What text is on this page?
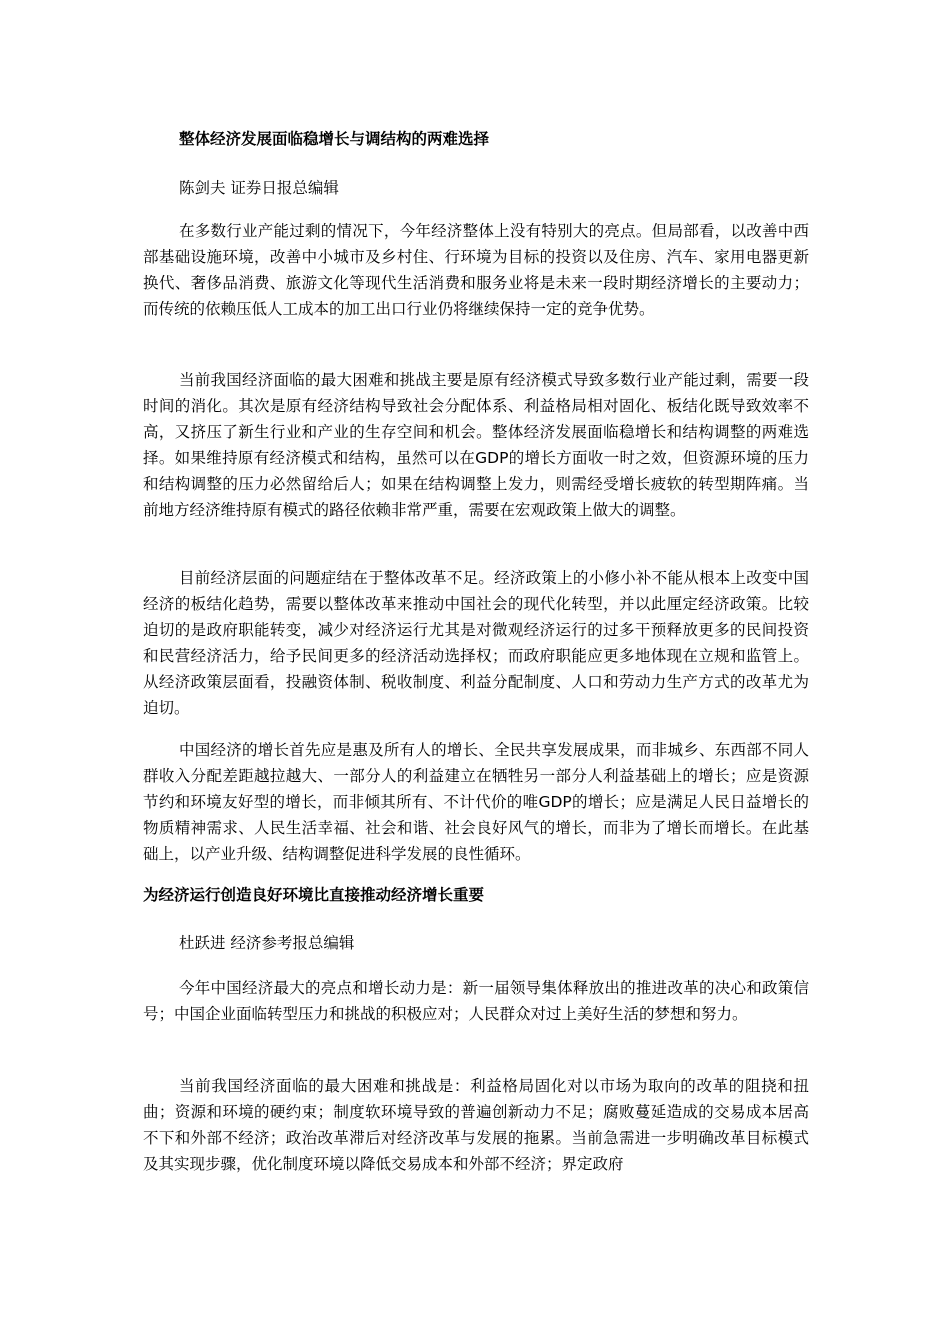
整体经济发展面临稳增长与调结构的两难选择
陈剑夫 证券日报总编辑

在多数行业产能过剩的情况下，今年经济整体上没有特别大的亮点。但局部看，以改善中西部基础设施环境，改善中小城市及乡村住、行环境为目标的投资以及住房、汽车、家用电器更新换代、奢侈品消费、旅游文化等现代生活消费和服务业将是未来一段时期经济增长的主要动力；而传统的依赖压低人工成本的加工出口行业仍将继续保持一定的竞争优势。

当前我国经济面临的最大困难和挑战主要是原有经济模式导致多数行业产能过剩，需要一段时间的消化。其次是原有经济结构导致社会分配体系、利益格局相对固化、板结化既导致效率不高，又挤压了新生行业和产业的生存空间和机会。整体经济发展面临稳增长和结构调整的两难选择。如果维持原有经济模式和结构，虽然可以在GDP的增长方面收一时之效，但资源环境的压力和结构调整的压力必然留给后人；如果在结构调整上发力，则需经受增长疲软的转型期阵痛。当前地方经济维持原有模式的路径依赖非常严重，需要在宏观政策上做大的调整。

目前经济层面的问题症结在于整体改革不足。经济政策上的小修小补不能从根本上改变中国经济的板结化趋势，需要以整体改革来推动中国社会的现代化转型，并以此厘定经济政策。比较迫切的是政府职能转变，减少对经济运行尤其是对微观经济运行的过多干预释放更多的民间投资和民营经济活力，给予民间更多的经济活动选择权；而政府职能应更多地体现在立规和监管上。从经济政策层面看，投融资体制、税收制度、利益分配制度、人口和劳动力生产方式的改革尤为迫切。

中国经济的增长首先应是惠及所有人的增长、全民共享发展成果，而非城乡、东西部不同人群收入分配差距越拉越大、一部分人的利益建立在牺牲另一部分人利益基础上的增长；应是资源节约和环境友好型的增长，而非倾其所有、不计代价的唯GDP的增长；应是满足人民日益增长的物质精神需求、人民生活幸福、社会和谐、社会良好风气的增长，而非为了增长而增长。在此基础上，以产业升级、结构调整促进科学发展的良性循环。

为经济运行创造良好环境比直接推动经济增长重要
杜跃进 经济参考报总编辑

今年中国经济最大的亮点和增长动力是：新一届领导集体释放出的推进改革的决心和政策信号；中国企业面临转型压力和挑战的积极应对；人民群众对过上美好生活的梦想和努力。

当前我国经济面临的最大困难和挑战是：利益格局固化对以市场为取向的改革的阻挠和扭曲；资源和环境的硬约束；制度软环境导致的普遍创新动力不足；腐败蔓延造成的交易成本居高不下和外部不经济；政治改革滞后对经济改革与发展的拖累。当前急需进一步明确改革目标模式及其实现步骤，优化制度环境以降低交易成本和外部不经济；界定政府
